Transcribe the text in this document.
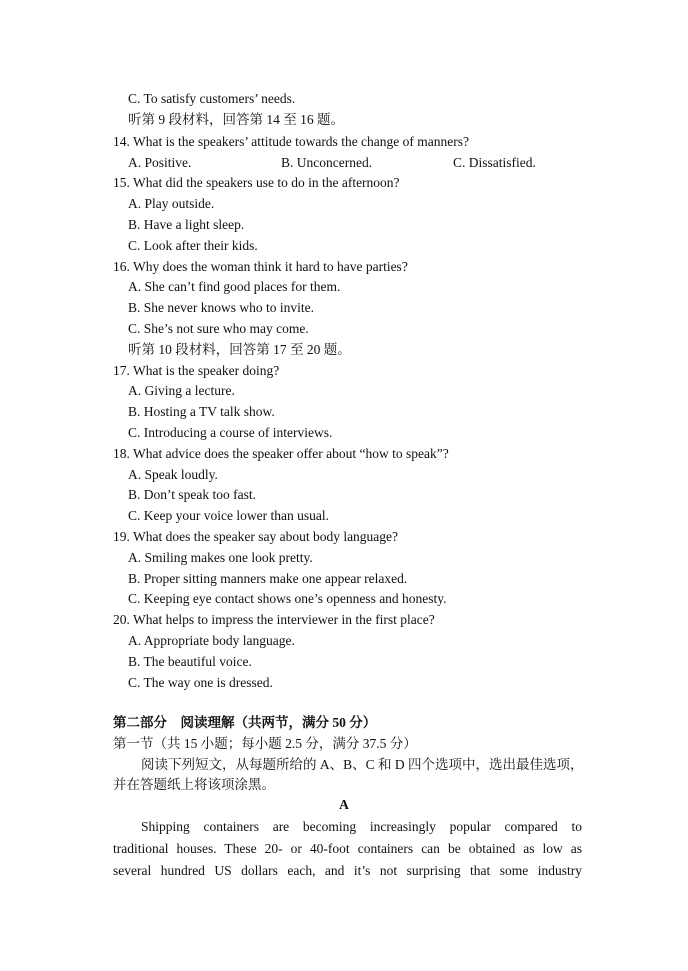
C. To satisfy customers’ needs.
听第 9 段材料，回答第 14 至 16 题。
14. What is the speakers’ attitude towards the change of manners?
A. Positive.	B. Unconcerned.	C. Dissatisfied.
15. What did the speakers use to do in the afternoon?
A. Play outside.
B. Have a light sleep.
C. Look after their kids.
16. Why does the woman think it hard to have parties?
A. She can’t find good places for them.
B. She never knows who to invite.
C. She’s not sure who may come.
听第 10 段材料，回答第 17 至 20 题。
17. What is the speaker doing?
A. Giving a lecture.
B. Hosting a TV talk show.
C. Introducing a course of interviews.
18. What advice does the speaker offer about “how to speak”?
A. Speak loudly.
B. Don’t speak too fast.
C. Keep your voice lower than usual.
19. What does the speaker say about body language?
A. Smiling makes one look pretty.
B. Proper sitting manners make one appear relaxed.
C. Keeping eye contact shows one’s openness and honesty.
20. What helps to impress the interviewer in the first place?
A. Appropriate body language.
B. The beautiful voice.
C. The way one is dressed.
第二部分　阅读理解（共两节，满分 50 分）
第一节（共 15 小题；每小题 2.5 分，满分 37.5 分）
阅读下列短文，从每题所给的 A、B、C 和 D 四个选项中，选出最佳选项，
并在答题纸上将该项涂黑。
A
Shipping containers are becoming increasingly popular compared to
traditional houses. These 20- or 40-foot containers can be obtained as low as
several hundred US dollars each, and it’s not surprising that some industry
